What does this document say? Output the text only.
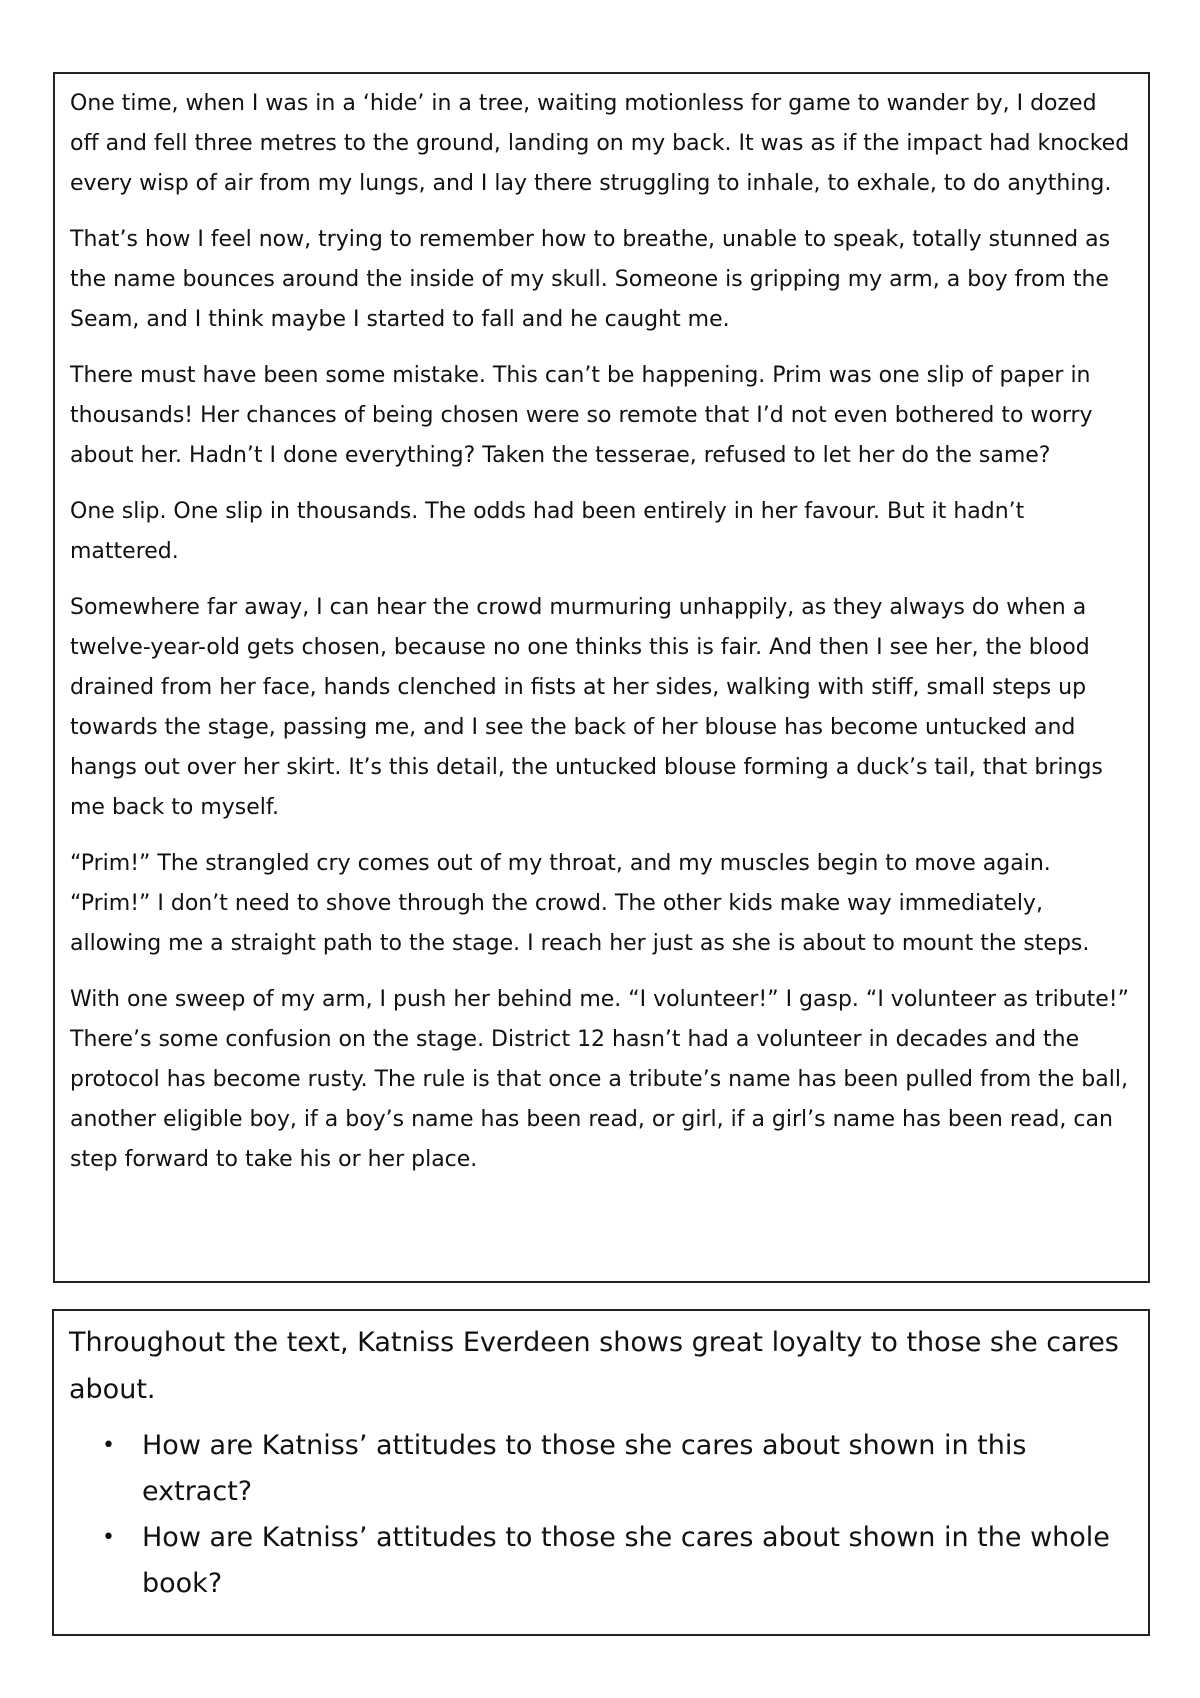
One time, when I was in a ‘hide’ in a tree, waiting motionless for game to wander by, I dozed off and fell three metres to the ground, landing on my back. It was as if the impact had knocked every wisp of air from my lungs, and I lay there struggling to inhale, to exhale, to do anything.

That’s how I feel now, trying to remember how to breathe, unable to speak, totally stunned as the name bounces around the inside of my skull. Someone is gripping my arm, a boy from the Seam, and I think maybe I started to fall and he caught me.

There must have been some mistake. This can’t be happening. Prim was one slip of paper in thousands! Her chances of being chosen were so remote that I’d not even bothered to worry about her. Hadn’t I done everything? Taken the tesserae, refused to let her do the same?

One slip. One slip in thousands. The odds had been entirely in her favour. But it hadn’t mattered.

Somewhere far away, I can hear the crowd murmuring unhappily, as they always do when a twelve-year-old gets chosen, because no one thinks this is fair. And then I see her, the blood drained from her face, hands clenched in fists at her sides, walking with stiff, small steps up towards the stage, passing me, and I see the back of her blouse has become untucked and hangs out over her skirt. It’s this detail, the untucked blouse forming a duck’s tail, that brings me back to myself.

“Prim!” The strangled cry comes out of my throat, and my muscles begin to move again. “Prim!” I don’t need to shove through the crowd. The other kids make way immediately, allowing me a straight path to the stage. I reach her just as she is about to mount the steps.

With one sweep of my arm, I push her behind me. “I volunteer!” I gasp. “I volunteer as tribute!” There’s some confusion on the stage. District 12 hasn’t had a volunteer in decades and the protocol has become rusty. The rule is that once a tribute’s name has been pulled from the ball, another eligible boy, if a boy’s name has been read, or girl, if a girl’s name has been read, can step forward to take his or her place.

Throughout the text, Katniss Everdeen shows great loyalty to those she cares about.

• How are Katniss’ attitudes to those she cares about shown in this extract?
• How are Katniss’ attitudes to those she cares about shown in the whole book?
